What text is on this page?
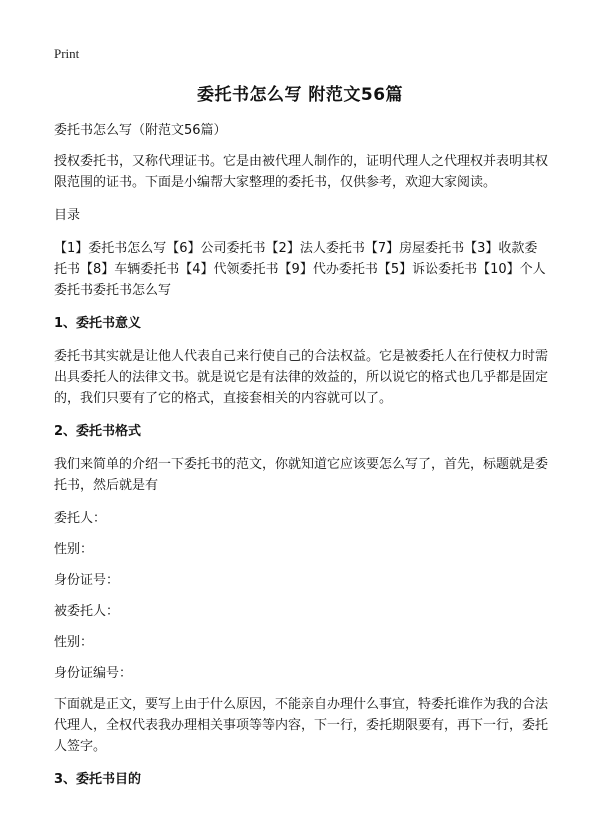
Print
委托书怎么写 附范文56篇

委托书怎么写（附范文56篇）

授权委托书，又称代理证书。它是由被代理人制作的，证明代理人之代理权并表明其权限范围的证书。下面是小编帮大家整理的委托书，仅供参考，欢迎大家阅读。

目录

【1】委托书怎么写【6】公司委托书【2】法人委托书【7】房屋委托书【3】收款委托书【8】车辆委托书【4】代领委托书【9】代办委托书【5】诉讼委托书【10】个人委托书委托书怎么写

1、委托书意义

委托书其实就是让他人代表自己来行使自己的合法权益。它是被委托人在行使权力时需出具委托人的法律文书。就是说它是有法律的效益的，所以说它的格式也几乎都是固定的，我们只要有了它的格式，直接套相关的内容就可以了。

2、委托书格式

我们来简单的介绍一下委托书的范文，你就知道它应该要怎么写了，首先，标题就是委托书，然后就是有

委托人：

性别：

身份证号：

被委托人：

性别：

身份证编号：

下面就是正文，要写上由于什么原因，不能亲自办理什么事宜，特委托谁作为我的合法代理人，全权代表我办理相关事项等等内容，下一行，委托期限要有，再下一行，委托人签字。

3、委托书目的
